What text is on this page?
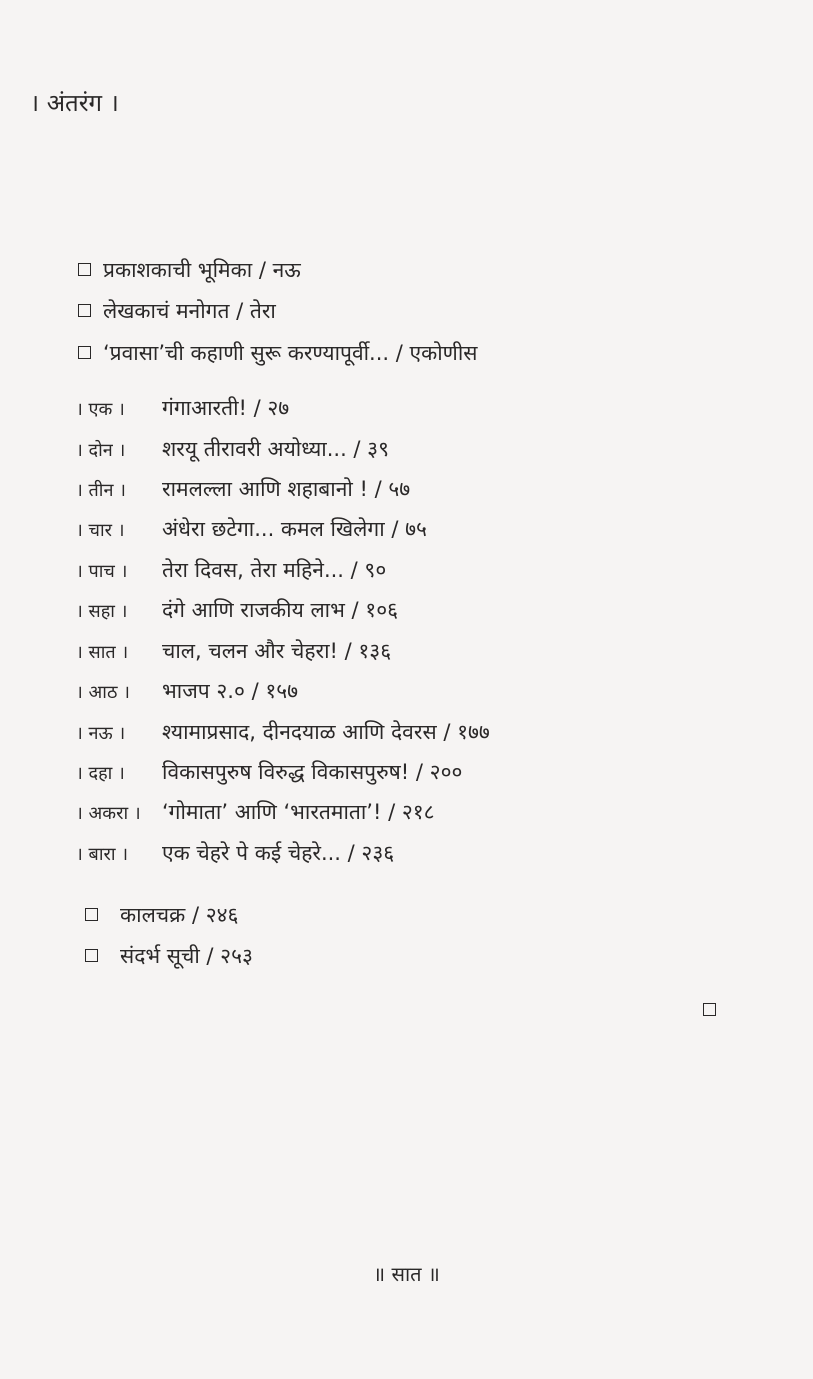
। अंतरंग ।
प्रकाशकाची भूमिका / नऊ
लेखकाचं मनोगत / तेरा
‘प्रवासा’ची कहाणी सुरू करण्यापूर्वी... / एकोणीस
। एक । गंगाआरती! / २७
। दोन । शरयू तीरावरी अयोध्या... / ३९
। तीन । रामलल्ला आणि शहाबानो ! / ५७
। चार । अंधेरा छटेगा... कमल खिलेगा / ७५
। पाच । तेरा दिवस, तेरा महिने... / ९०
। सहा । दंगे आणि राजकीय लाभ / १०६
। सात । चाल, चलन और चेहरा! / १३६
। आठ । भाजप २.० / १५७
। नऊ । श्यामाप्रसाद, दीनदयाळ आणि देवरस / १७७
। दहा । विकासपुरुष विरुद्ध विकासपुरुष! / २००
। अकरा । ‘गोमाता’ आणि ‘भारतमाता’! / २१८
। बारा । एक चेहरे पे कई चेहरे... / २३६
कालचक्र / २४६
संदर्भ सूची / २५३
॥ सात ॥
